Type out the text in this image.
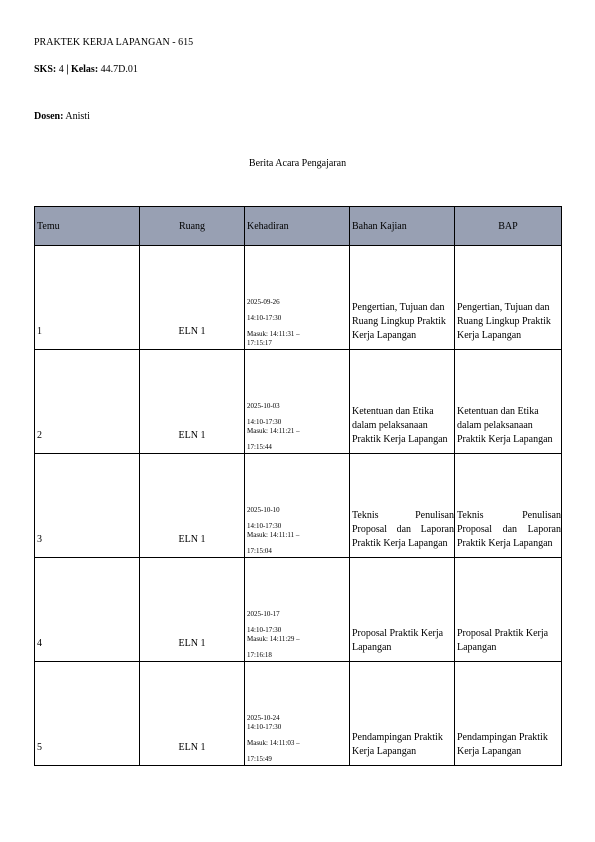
PRAKTEK KERJA LAPANGAN - 615
SKS: 4 | Kelas: 44.7D.01
Dosen: Anisti
Berita Acara Pengajaran
Temu	Ruang	Kehadiran	Bahan Kajian	BAP

1	ELN 1	2025-09-26
14:10-17:30
Masuk: 14:11:31 –
17:15:17	Pengertian, Tujuan dan Ruang Lingkup Praktik Kerja Lapangan	Pengertian, Tujuan dan Ruang Lingkup Praktik Kerja Lapangan

2	ELN 1	2025-10-03
14:10-17:30
Masuk: 14:11:21 –
17:15:44	Ketentuan dan Etika dalam pelaksanaan Praktik Kerja Lapangan	Ketentuan dan Etika dalam pelaksanaan Praktik Kerja Lapangan

3	ELN 1	2025-10-10
14:10-17:30
Masuk: 14:11:11 –
17:15:04	Teknis Penulisan Proposal dan Laporan Praktik Kerja Lapangan	Teknis Penulisan Proposal dan Laporan Praktik Kerja Lapangan

4	ELN 1	2025-10-17
14:10-17:30
Masuk: 14:11:29 –
17:16:18	Proposal Praktik Kerja Lapangan	Proposal Praktik Kerja Lapangan

5	ELN 1	2025-10-24
14:10-17:30
Masuk: 14:11:03 –
17:15:49	Pendampingan Praktik Kerja Lapangan	Pendampingan Praktik Kerja Lapangan
